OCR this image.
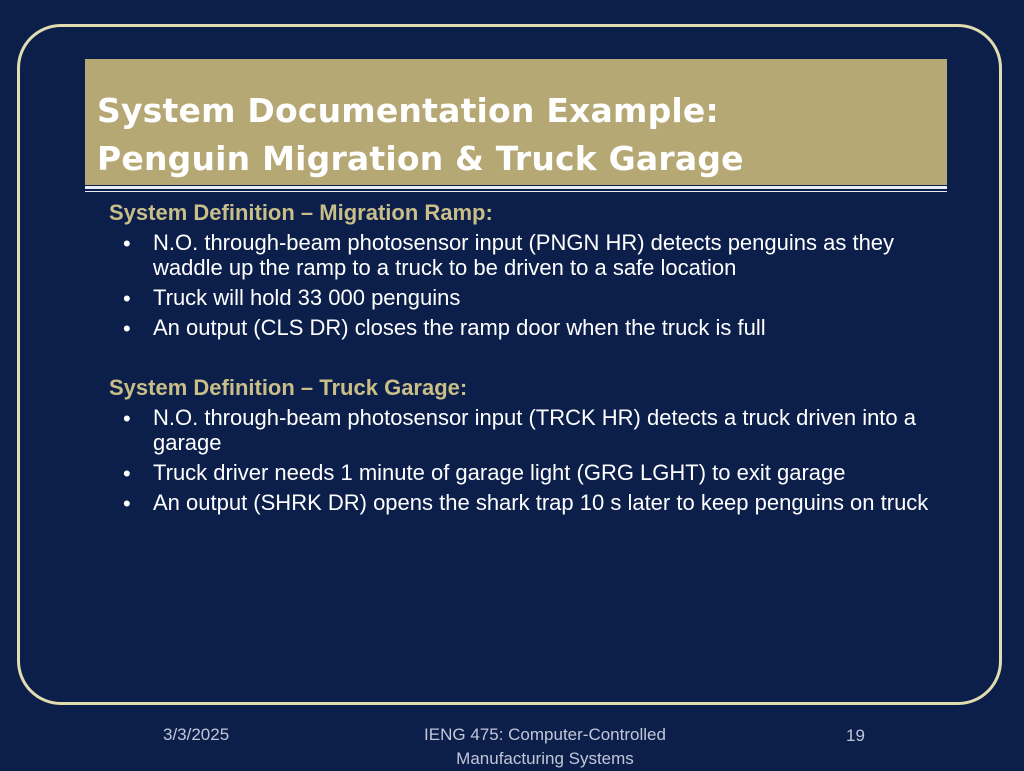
System Documentation Example:
Penguin Migration & Truck Garage
System Definition – Migration Ramp:
• N.O. through-beam photosensor input (PNGN HR) detects penguins as they waddle up the ramp to a truck to be driven to a safe location
• Truck will hold 33 000 penguins
• An output (CLS DR) closes the ramp door when the truck is full
System Definition – Truck Garage:
• N.O. through-beam photosensor input (TRCK HR) detects a truck driven into a garage
• Truck driver needs 1 minute of garage light (GRG LGHT) to exit garage
• An output (SHRK DR) opens the shark trap 10 s later to keep penguins on truck
3/3/2025	IENG 475: Computer-Controlled Manufacturing Systems
19
